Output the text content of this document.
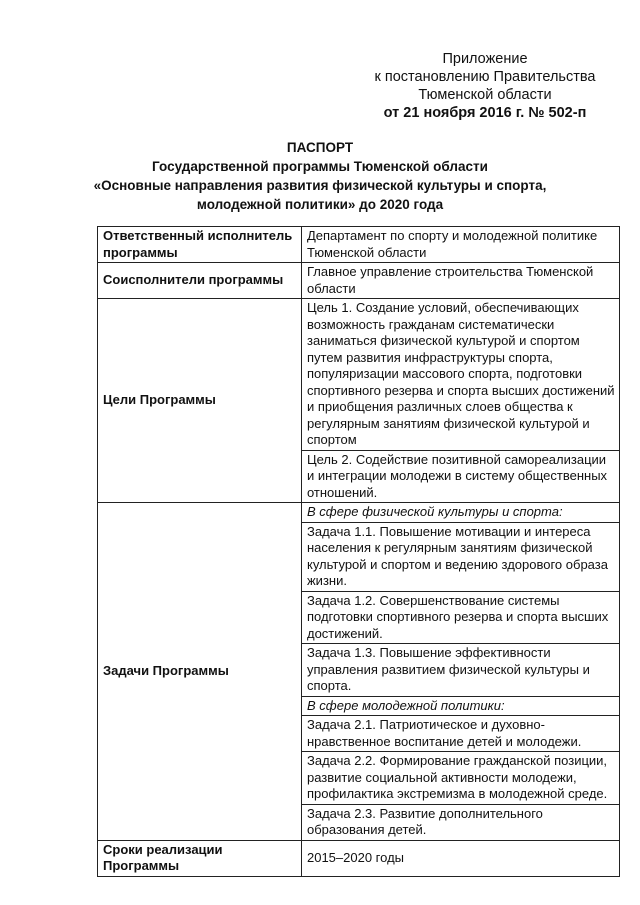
Приложение
к постановлению Правительства
Тюменской области
от 21 ноября 2016 г. № 502-п
ПАСПОРТ
Государственной программы Тюменской области
«Основные направления развития физической культуры и спорта,
молодежной политики» до 2020 года
Ответственный исполнитель программы	Департамент по спорту и молодежной политике Тюменской области
Соисполнители программы	Главное управление строительства Тюменской области
Цели Программы	Цель 1. Создание условий, обеспечивающих возможность гражданам систематически заниматься физической культурой и спортом путем развития инфраструктуры спорта, популяризации массового спорта, подготовки спортивного резерва и спорта высших достижений и приобщения различных слоев общества к регулярным занятиям физической культурой и спортом
	Цель 2. Содействие позитивной самореализации и интеграции молодежи в систему общественных отношений.
Задачи Программы	В сфере физической культуры и спорта:
	Задача 1.1. Повышение мотивации и интереса населения к регулярным занятиям физической культурой и спортом и ведению здорового образа жизни.
	Задача 1.2. Совершенствование системы подготовки спортивного резерва и спорта высших достижений.
	Задача 1.3. Повышение эффективности управления развитием физической культуры и спорта.
	В сфере молодежной политики:
	Задача 2.1. Патриотическое и духовно-нравственное воспитание детей и молодежи.
	Задача 2.2. Формирование гражданской позиции, развитие социальной активности молодежи, профилактика экстремизма в молодежной среде.
	Задача 2.3. Развитие дополнительного образования детей.

Сроки реализации Программы	2015–2020 годы
